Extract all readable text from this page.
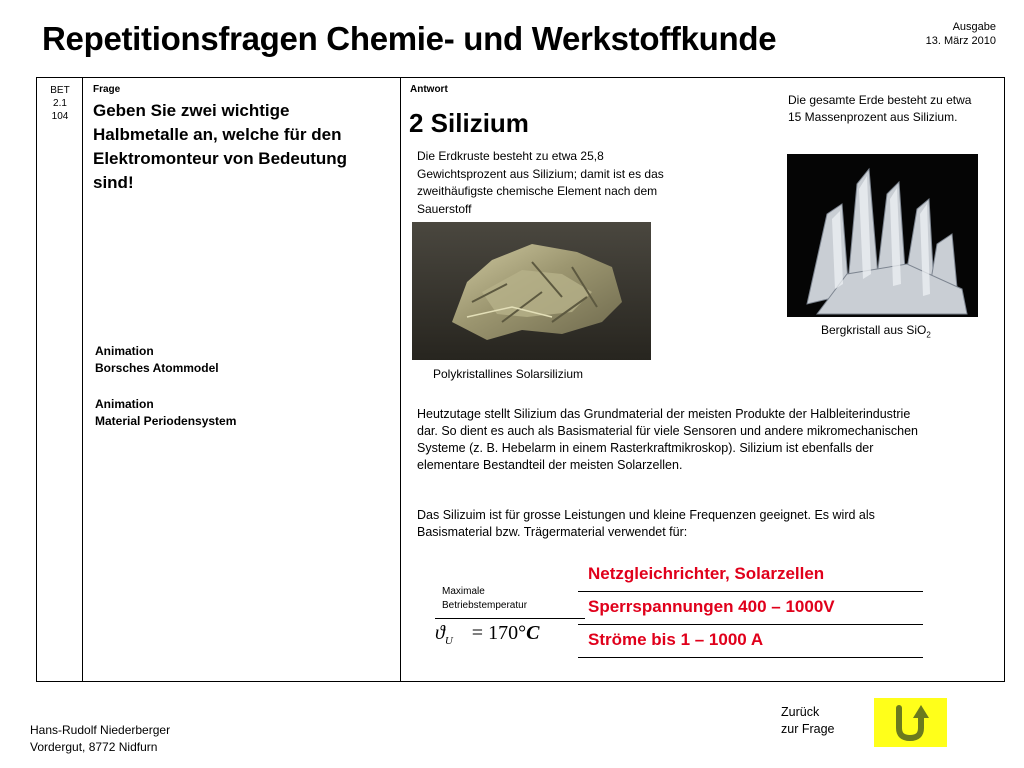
Repetitionsfragen Chemie- und Werkstoffkunde	Ausgabe
13. März 2010
BET
2.1
104
Frage
Geben Sie zwei wichtige Halbmetalle an, welche für den Elektromonteur von Bedeutung sind!
Animation
Borsches Atommodel
Animation
Material Periodensystem
Antwort
2 Silizium
Die Erdkruste besteht zu etwa 25,8 Gewichtsprozent aus Silizium; damit ist es das zweithäufigste chemische Element nach dem Sauerstoff
Die gesamte Erde besteht zu etwa 15 Massenprozent aus Silizium.
Polykristallines Solarsilizium
Bergkristall aus SiO$_2$
Heutzutage stellt Silizium das Grundmaterial der meisten Produkte der Halbleiterindustrie dar. So dient es auch als Basismaterial für viele Sensoren und andere mikromechanischen Systeme (z. B. Hebelarm in einem Rasterkraftmikroskop). Silizium ist ebenfalls der elementare Bestandteil der meisten Solarzellen.
Das Silizuim ist für grosse Leistungen und kleine Frequenzen geeignet. Es wird als Basismaterial bzw. Trägermaterial verwendet für:
Maximale
Betriebstemperatur
$ϑ_U = 170^\circ C$
Netzgleichrichter, Solarzellen
Sperrspannungen 400 – 1000V
Ströme bis 1 – 1000 A
Hans-Rudolf Niederberger
Vordergut, 8772 Nidfurn
Zurück
zur Frage
